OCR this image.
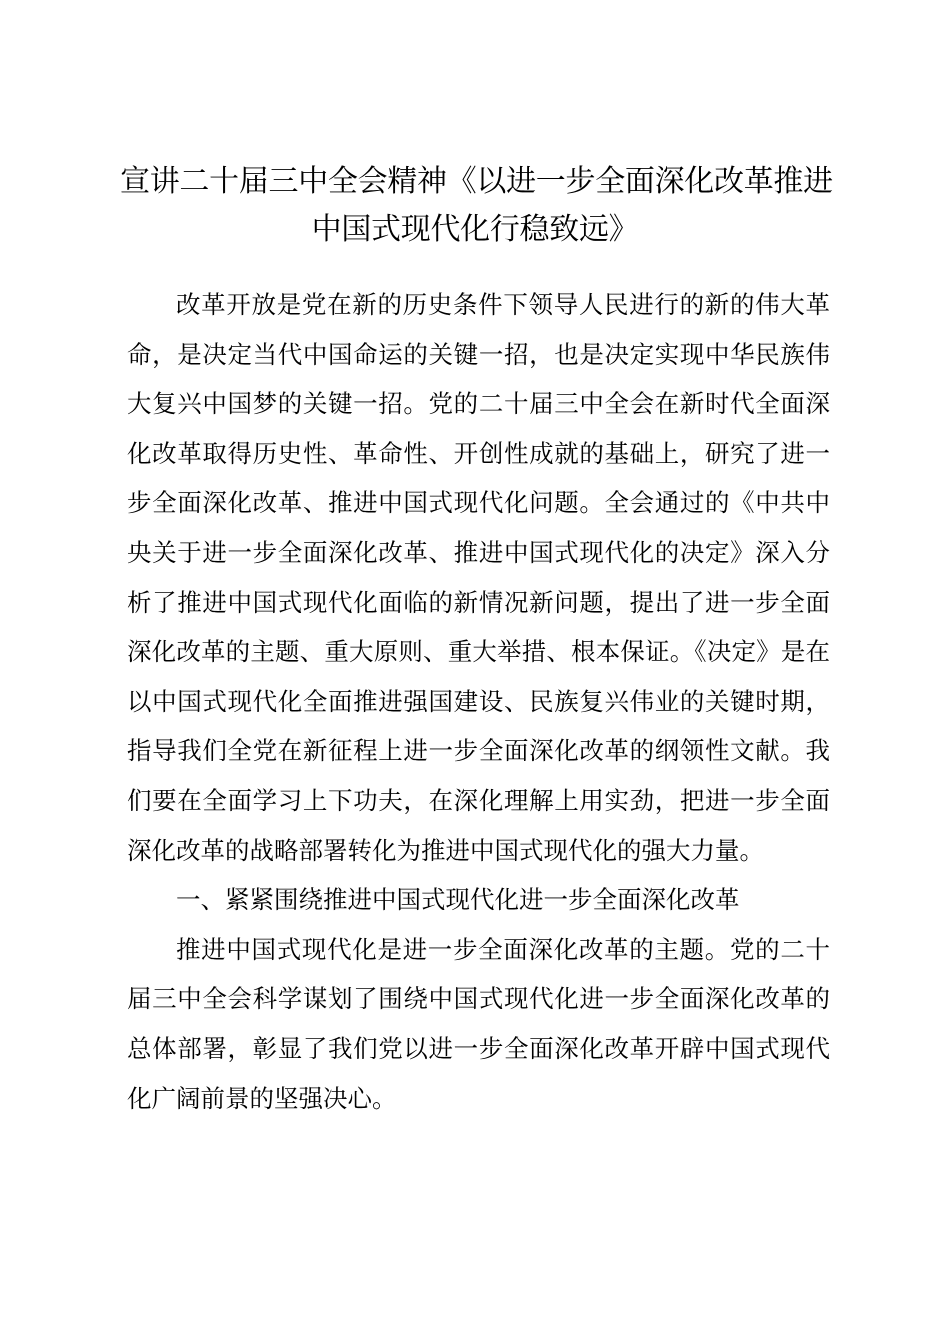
宣讲二十届三中全会精神《以进一步全面深化改革推进
中国式现代化行稳致远》

改革开放是党在新的历史条件下领导人民进行的新的伟大革命，是决定当代中国命运的关键一招，也是决定实现中华民族伟大复兴中国梦的关键一招。党的二十届三中全会在新时代全面深化改革取得历史性、革命性、开创性成就的基础上，研究了进一步全面深化改革、推进中国式现代化问题。全会通过的《中共中央关于进一步全面深化改革、推进中国式现代化的决定》深入分析了推进中国式现代化面临的新情况新问题，提出了进一步全面深化改革的主题、重大原则、重大举措、根本保证。《决定》是在以中国式现代化全面推进强国建设、民族复兴伟业的关键时期，指导我们全党在新征程上进一步全面深化改革的纲领性文献。我们要在全面学习上下功夫，在深化理解上用实劲，把进一步全面深化改革的战略部署转化为推进中国式现代化的强大力量。

一、紧紧围绕推进中国式现代化进一步全面深化改革

推进中国式现代化是进一步全面深化改革的主题。党的二十届三中全会科学谋划了围绕中国式现代化进一步全面深化改革的总体部署，彰显了我们党以进一步全面深化改革开辟中国式现代化广阔前景的坚强决心。
